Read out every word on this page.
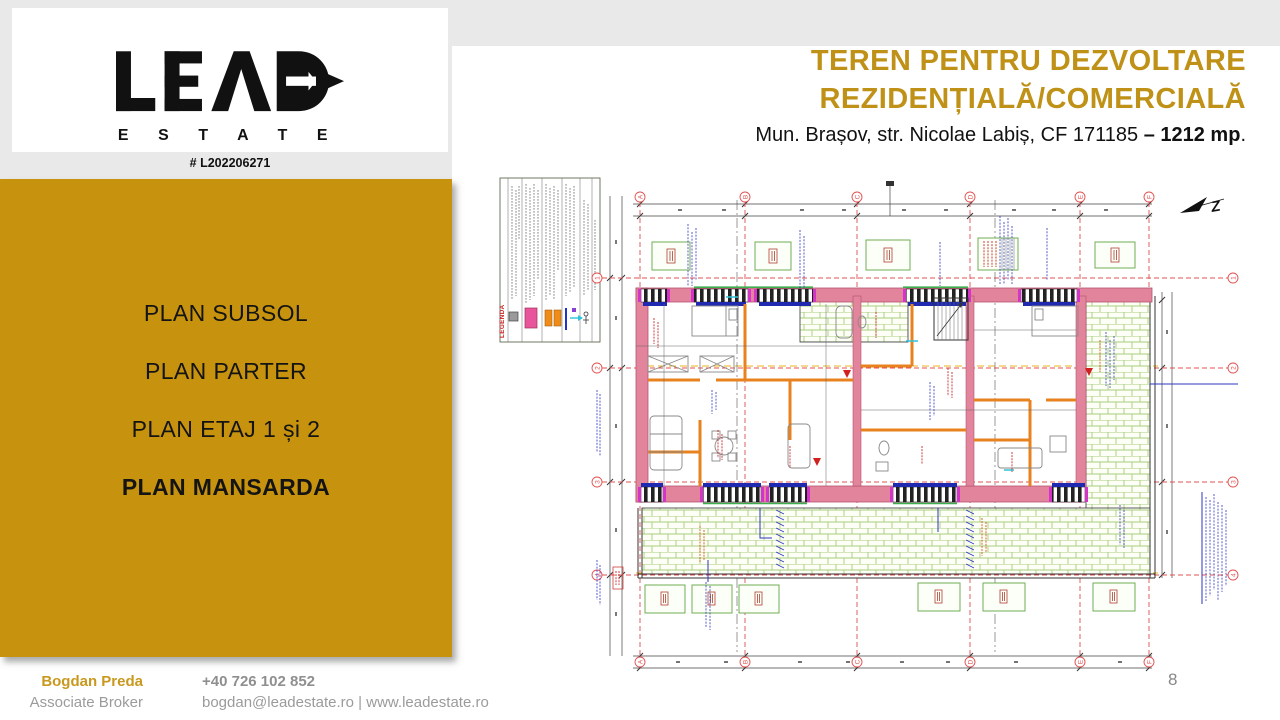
E S T A T E
# L202206271
TEREN PENTRU DEZVOLTARE
REZIDENȚIALĂ/COMERCIALĂ
Mun. Brașov, str. Nicolae Labiș, CF 171185 – 1212 mp.
PLAN SUBSOL
PLAN PARTER
PLAN ETAJ 1 și 2
PLAN MANSARDA
Bogdan Preda
Associate Broker
+40 726 102 852
bogdan@leadestate.ro | www.leadestate.ro
8
LEGENDA
Z
A	B	C	D	E	F
A	B	C	D	E	F
1
2
3
4
1
2
3
4
